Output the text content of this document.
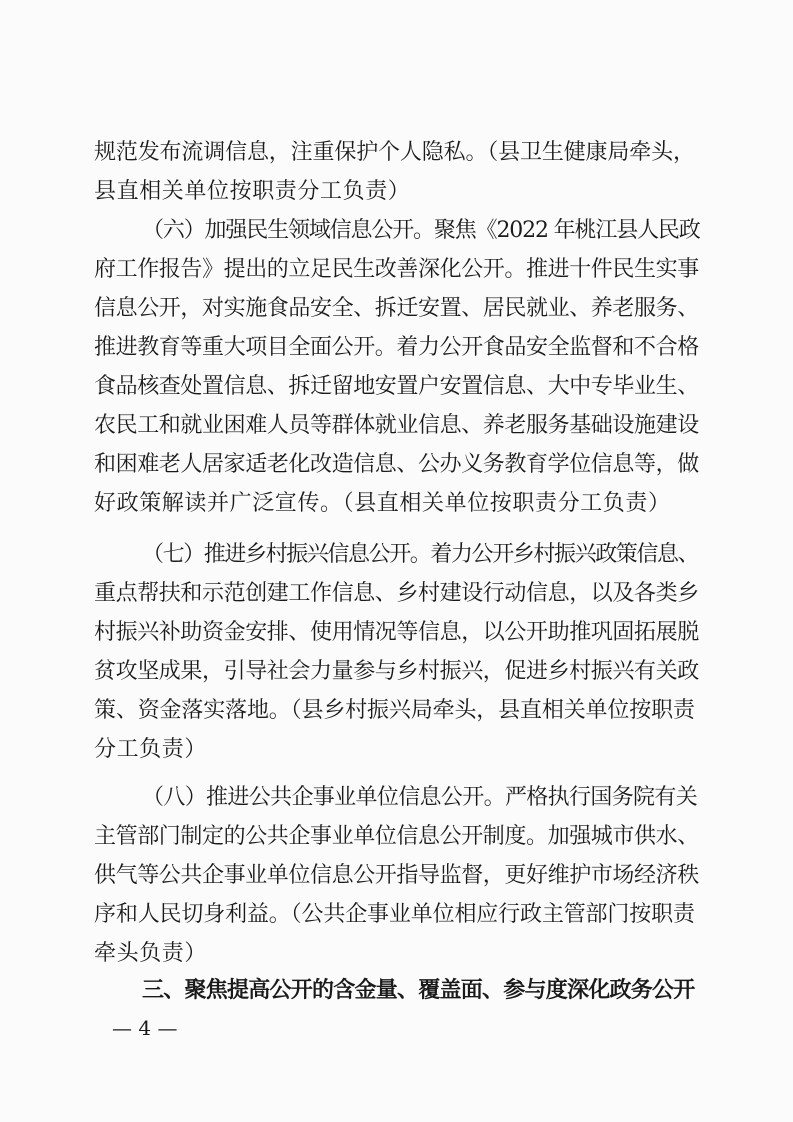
规范发布流调信息，注重保护个人隐私。（县卫生健康局牵头，
县直相关单位按职责分工负责）
（六）加强民生领域信息公开。聚焦《2022 年桃江县人民政
府工作报告》提出的立足民生改善深化公开。推进十件民生实事
信息公开，对实施食品安全、拆迁安置、居民就业、养老服务、
推进教育等重大项目全面公开。着力公开食品安全监督和不合格
食品核查处置信息、拆迁留地安置户安置信息、大中专毕业生、
农民工和就业困难人员等群体就业信息、养老服务基础设施建设
和困难老人居家适老化改造信息、公办义务教育学位信息等，做
好政策解读并广泛宣传。（县直相关单位按职责分工负责）
（七）推进乡村振兴信息公开。着力公开乡村振兴政策信息、
重点帮扶和示范创建工作信息、乡村建设行动信息，以及各类乡
村振兴补助资金安排、使用情况等信息，以公开助推巩固拓展脱
贫攻坚成果，引导社会力量参与乡村振兴，促进乡村振兴有关政
策、资金落实落地。（县乡村振兴局牵头，县直相关单位按职责
分工负责）
（八）推进公共企事业单位信息公开。严格执行国务院有关
主管部门制定的公共企事业单位信息公开制度。加强城市供水、
供气等公共企事业单位信息公开指导监督，更好维护市场经济秩
序和人民切身利益。（公共企事业单位相应行政主管部门按职责
牵头负责）
三、聚焦提高公开的含金量、覆盖面、参与度深化政务公开
— 4 —
